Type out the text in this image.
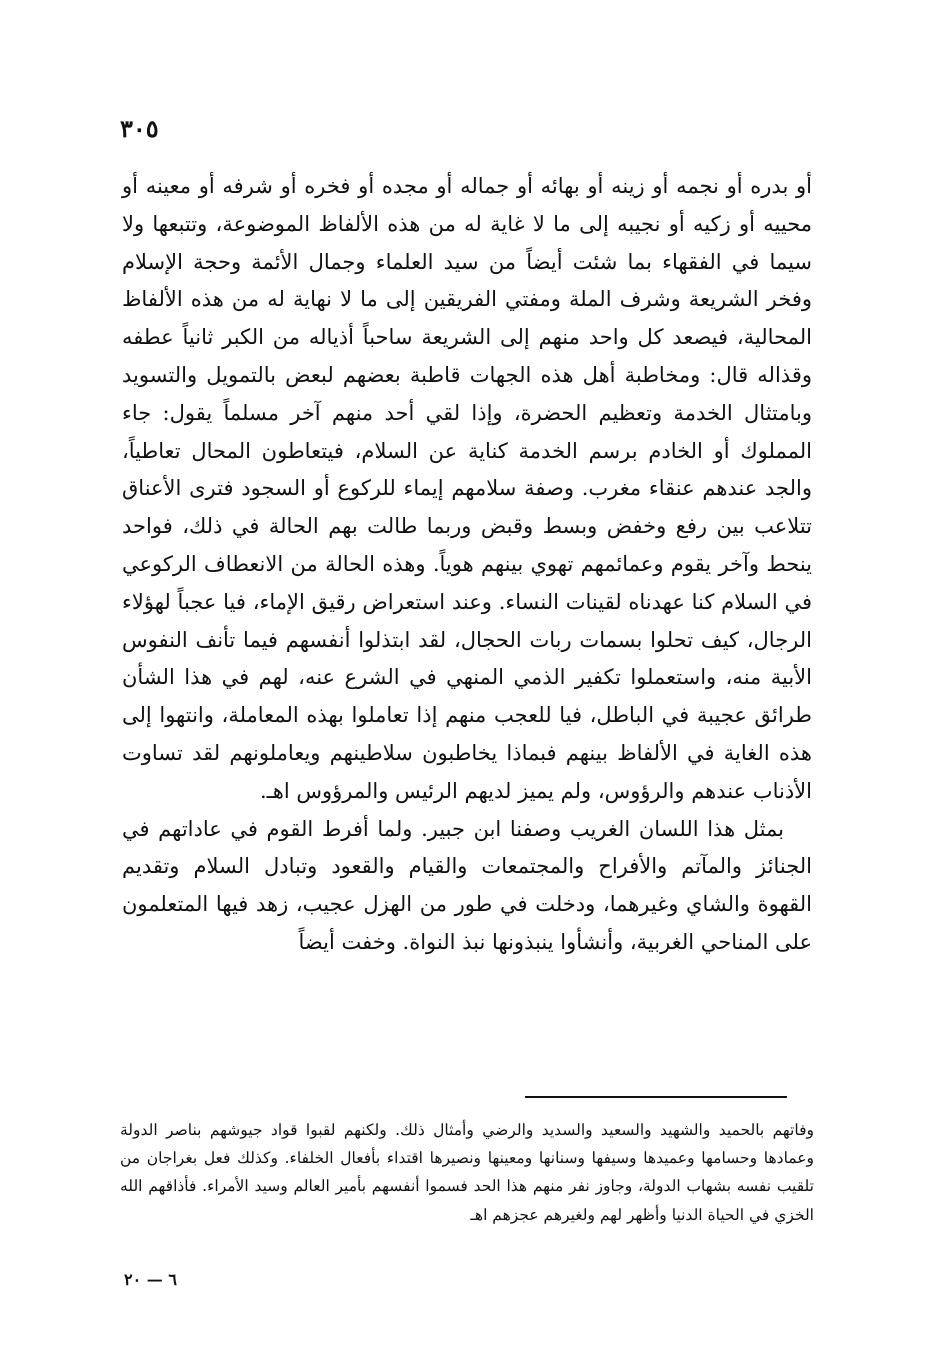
٣٠٥

أو بدره أو نجمه أو زينه أو بهائه أو جماله أو مجده أو فخره أو شرفه أو معينه أو محييه أو زكيه أو نجيبه إلى ما لا غاية له من هذه الألفاظ الموضوعة، وتتبعها ولا سيما في الفقهاء بما شئت أيضاً من سيد العلماء وجمال الأئمة وحجة الإسلام وفخر الشريعة وشرف الملة ومفتي الفريقين إلى ما لا نهاية له من هذه الألفاظ المحالية، فيصعد كل واحد منهم إلى الشريعة ساحباً أذياله من الكبر ثانياً عطفه وقذاله قال: ومخاطبة أهل هذه الجهات قاطبة بعضهم لبعض بالتمويل والتسويد وبامتثال الخدمة وتعظيم الحضرة، وإذا لقي أحد منهم آخر مسلماً يقول: جاء المملوك أو الخادم برسم الخدمة كناية عن السلام، فيتعاطون المحال تعاطياً، والجد عندهم عنقاء مغرب. وصفة سلامهم إيماء للركوع أو السجود فترى الأعناق تتلاعب بين رفع وخفض وبسط وقبض وربما طالت بهم الحالة في ذلك، فواحد ينحط وآخر يقوم وعمائمهم تهوي بينهم هوياً. وهذه الحالة من الانعطاف الركوعي في السلام كنا عهدناه لقينات النساء. وعند استعراض رقيق الإماء، فيا عجباً لهؤلاء الرجال، كيف تحلوا بسمات ربات الحجال، لقد ابتذلوا أنفسهم فيما تأنف النفوس الأبية منه، واستعملوا تكفير الذمي المنهي في الشرع عنه، لهم في هذا الشأن طرائق عجيبة في الباطل، فيا للعجب منهم إذا تعاملوا بهذه المعاملة، وانتهوا إلى هذه الغاية في الألفاظ بينهم فبماذا يخاطبون سلاطينهم ويعاملونهم لقد تساوت الأذناب عندهم والرؤوس، ولم يميز لديهم الرئيس والمرؤوس اهـ.

بمثل هذا اللسان الغريب وصفنا ابن جبير. ولما أفرط القوم في عاداتهم في الجنائز والمآتم والأفراح والمجتمعات والقيام والقعود وتبادل السلام وتقديم القهوة والشاي وغيرهما، ودخلت في طور من الهزل عجيب، زهد فيها المتعلمون على المناحي الغربية، وأنشأوا ينبذونها نبذ النواة. وخفت أيضاً

وفاتهم بالحميد والشهيد والسعيد والسديد والرضي وأمثال ذلك. ولكنهم لقبوا قواد جيوشهم بناصر الدولة وعمادها وحسامها وعميدها وسيفها وسنانها ومعينها ونصيرها اقتداء بأفعال الخلفاء. وكذلك فعل بغراجان من تلقيب نفسه بشهاب الدولة، وجاوز نفر منهم هذا الحد فسموا أنفسهم بأمير العالم وسيد الأمراء. فأذاقهم الله الخزي في الحياة الدنيا وأظهر لهم ولغيرهم عجزهم اهـ

٦ — ٢٠
